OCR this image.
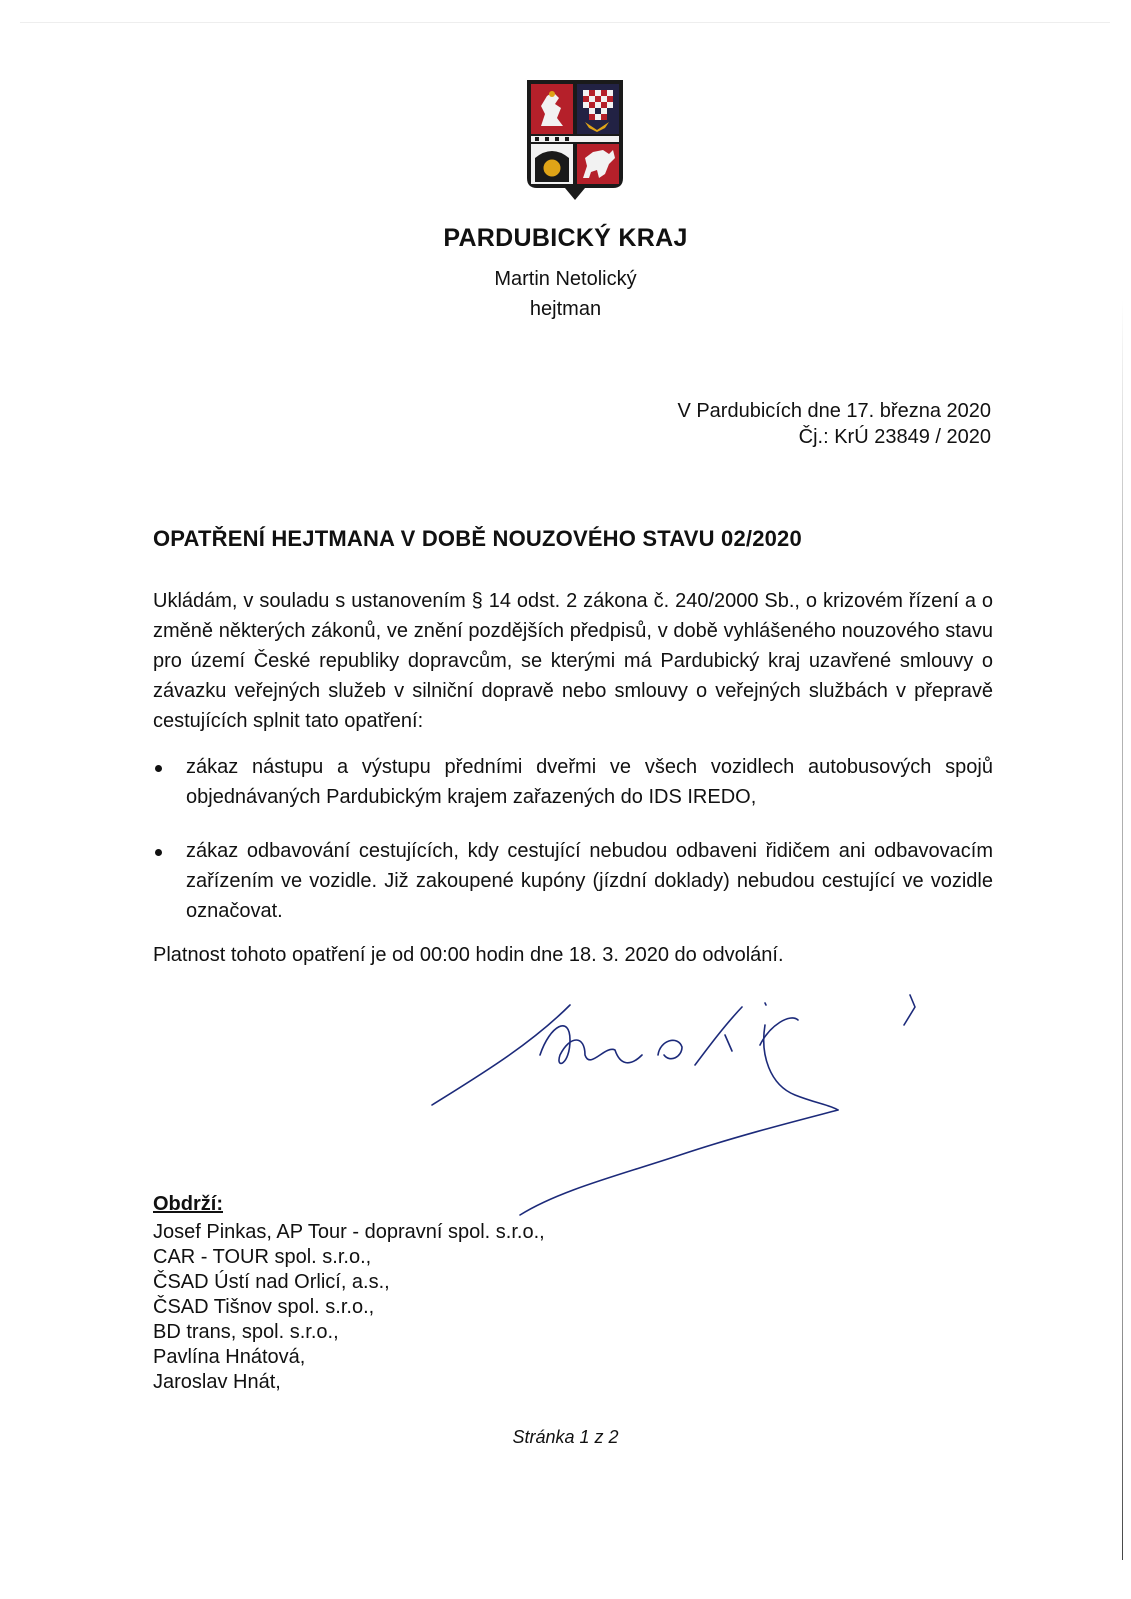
PARDUBICKÝ KRAJ
Martin Netolický
hejtman
V Pardubicích dne 17. března 2020
Čj.: KrÚ 23849 / 2020
OPATŘENÍ HEJTMANA V DOBĚ NOUZOVÉHO STAVU 02/2020
Ukládám, v souladu s ustanovením § 14 odst. 2 zákona č. 240/2000 Sb., o krizovém řízení a o změně některých zákonů, ve znění pozdějších předpisů, v době vyhlášeného nouzového stavu pro území České republiky dopravcům, se kterými má Pardubický kraj uzavřené smlouvy o závazku veřejných služeb v silniční dopravě nebo smlouvy o veřejných službách v přepravě cestujících splnit tato opatření:
zákaz nástupu a výstupu předními dveřmi ve všech vozidlech autobusových spojů objednávaných Pardubickým krajem zařazených do IDS IREDO,
zákaz odbavování cestujících, kdy cestující nebudou odbaveni řidičem ani odbavovacím zařízením ve vozidle. Již zakoupené kupóny (jízdní doklady) nebudou cestující ve vozidle označovat.
Platnost tohoto opatření je od 00:00 hodin dne 18. 3. 2020 do odvolání.
Obdrží:
Josef Pinkas, AP Tour - dopravní spol. s.r.o.,
CAR - TOUR spol. s.r.o.,
ČSAD Ústí nad Orlicí, a.s.,
ČSAD Tišnov spol. s.r.o.,
BD trans, spol. s.r.o.,
Pavlína Hnátová,
Jaroslav Hnát,
Stránka 1 z 2
